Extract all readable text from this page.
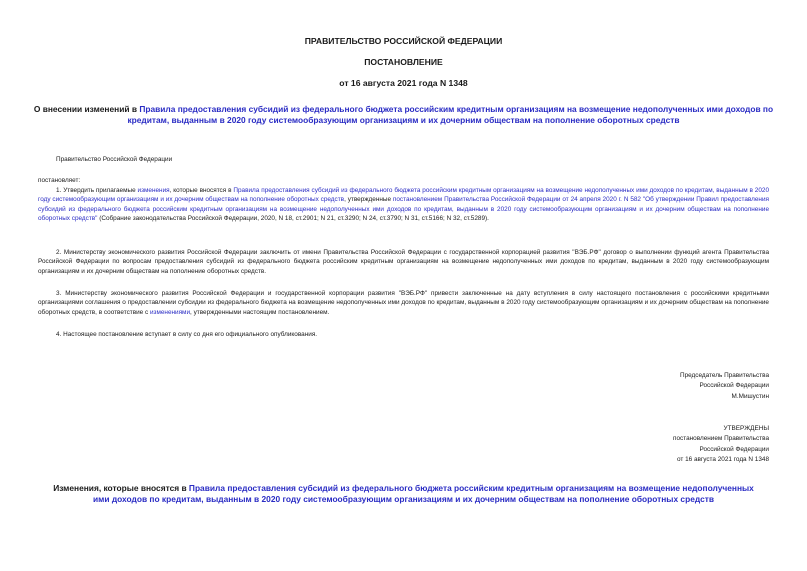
ПРАВИТЕЛЬСТВО РОССИЙСКОЙ ФЕДЕРАЦИИ
ПОСТАНОВЛЕНИЕ
от 16 августа 2021 года N 1348
О внесении изменений в Правила предоставления субсидий из федерального бюджета российским кредитным организациям на возмещение недополученных ими доходов по кредитам, выданным в 2020 году системообразующим организациям и их дочерним обществам на пополнение оборотных средств
Правительство Российской Федерации
постановляет:
1. Утвердить прилагаемые изменения, которые вносятся в Правила предоставления субсидий из федерального бюджета российским кредитным организациям на возмещение недополученных ими доходов по кредитам, выданным в 2020 году системообразующим организациям и их дочерним обществам на пополнение оборотных средств, утвержденные постановлением Правительства Российской Федерации от 24 апреля 2020 г. N 582 "Об утверждении Правил предоставления субсидий из федерального бюджета российским кредитным организациям на возмещение недополученных ими доходов по кредитам, выданным в 2020 году системообразующим организациям и их дочерним обществам на пополнение оборотных средств" (Собрание законодательства Российской Федерации, 2020, N 18, ст.2901; N 21, ст.3290; N 24, ст.3790; N 31, ст.5166; N 32, ст.5289).
2. Министерству экономического развития Российской Федерации заключить от имени Правительства Российской Федерации с государственной корпорацией развития "ВЭБ.РФ" договор о выполнении функций агента Правительства Российской Федерации по вопросам предоставления субсидий из федерального бюджета российским кредитным организациям на возмещение недополученных ими доходов по кредитам, выданным в 2020 году системообразующим организациям и их дочерним обществам на пополнение оборотных средств.
3. Министерству экономического развития Российской Федерации и государственной корпорации развития "ВЭБ.РФ" привести заключенные на дату вступления в силу настоящего постановления с российскими кредитными организациями соглашения о предоставлении субсидии из федерального бюджета на возмещение недополученных ими доходов по кредитам, выданным в 2020 году системообразующим организациям и их дочерним обществам на пополнение оборотных средств, в соответствие с изменениями, утвержденными настоящим постановлением.
4. Настоящее постановление вступает в силу со дня его официального опубликования.
Председатель Правительства
Российской Федерации
М.Мишустин
УТВЕРЖДЕНЫ
постановлением Правительства
Российской Федерации
от 16 августа 2021 года N 1348
Изменения, которые вносятся в Правила предоставления субсидий из федерального бюджета российским кредитным организациям на возмещение недополученных ими доходов по кредитам, выданным в 2020 году системообразующим организациям и их дочерним обществам на пополнение оборотных средств
